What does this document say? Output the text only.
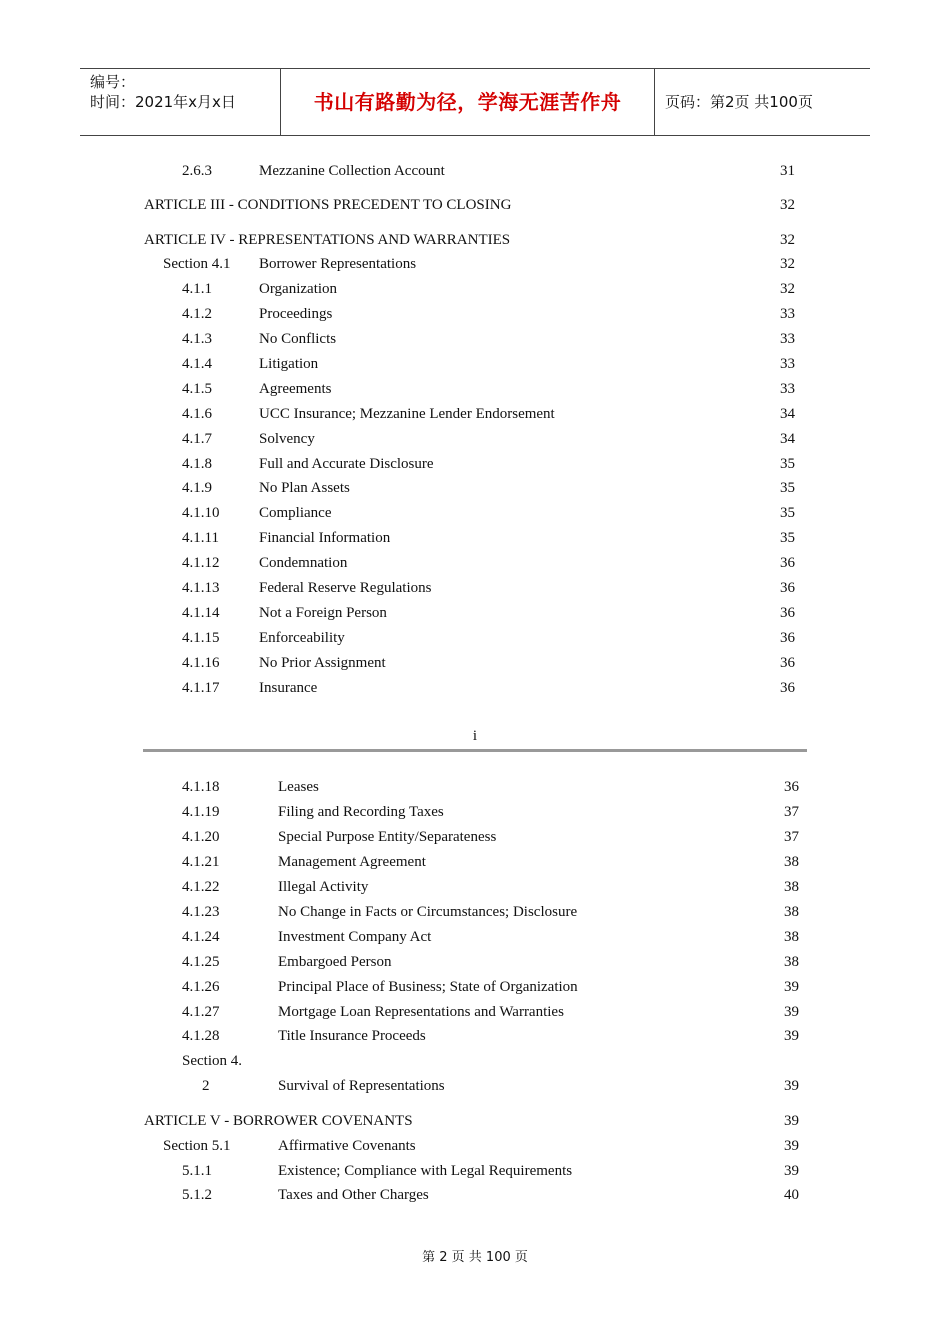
编号：
时间：2021年x月x日	书山有路勤为径，学海无涯苦作舟	页码：第2页 共100页
2.6.3	Mezzanine Collection Account	31
ARTICLE III - CONDITIONS PRECEDENT TO CLOSING	32
ARTICLE IV - REPRESENTATIONS AND WARRANTIES	32
Section 4.1 Borrower Representations	32
4.1.1	Organization	32
4.1.2	Proceedings	33
4.1.3	No Conflicts	33
4.1.4	Litigation	33
4.1.5	Agreements	33
4.1.6	UCC Insurance; Mezzanine Lender Endorsement	34
4.1.7	Solvency	34
4.1.8	Full and Accurate Disclosure	35
4.1.9	No Plan Assets	35
4.1.10	Compliance	35
4.1.11	Financial Information	35
4.1.12	Condemnation	36
4.1.13	Federal Reserve Regulations	36
4.1.14	Not a Foreign Person	36
4.1.15	Enforceability	36
4.1.16	No Prior Assignment	36
4.1.17	Insurance	36
i
4.1.18	Leases	36
4.1.19	Filing and Recording Taxes	37
4.1.20	Special Purpose Entity/Separateness	37
4.1.21	Management Agreement	38
4.1.22	Illegal Activity	38
4.1.23	No Change in Facts or Circumstances; Disclosure	38
4.1.24	Investment Company Act	38
4.1.25	Embargoed Person	38
4.1.26	Principal Place of Business; State of Organization	39
4.1.27	Mortgage Loan Representations and Warranties	39
4.1.28	Title Insurance Proceeds	39
Section 4.
2	Survival of Representations	39
ARTICLE V - BORROWER COVENANTS	39
Section 5.1	Affirmative Covenants	39
5.1.1	Existence; Compliance with Legal Requirements	39
5.1.2	Taxes and Other Charges	40
第 2 页 共 100 页
